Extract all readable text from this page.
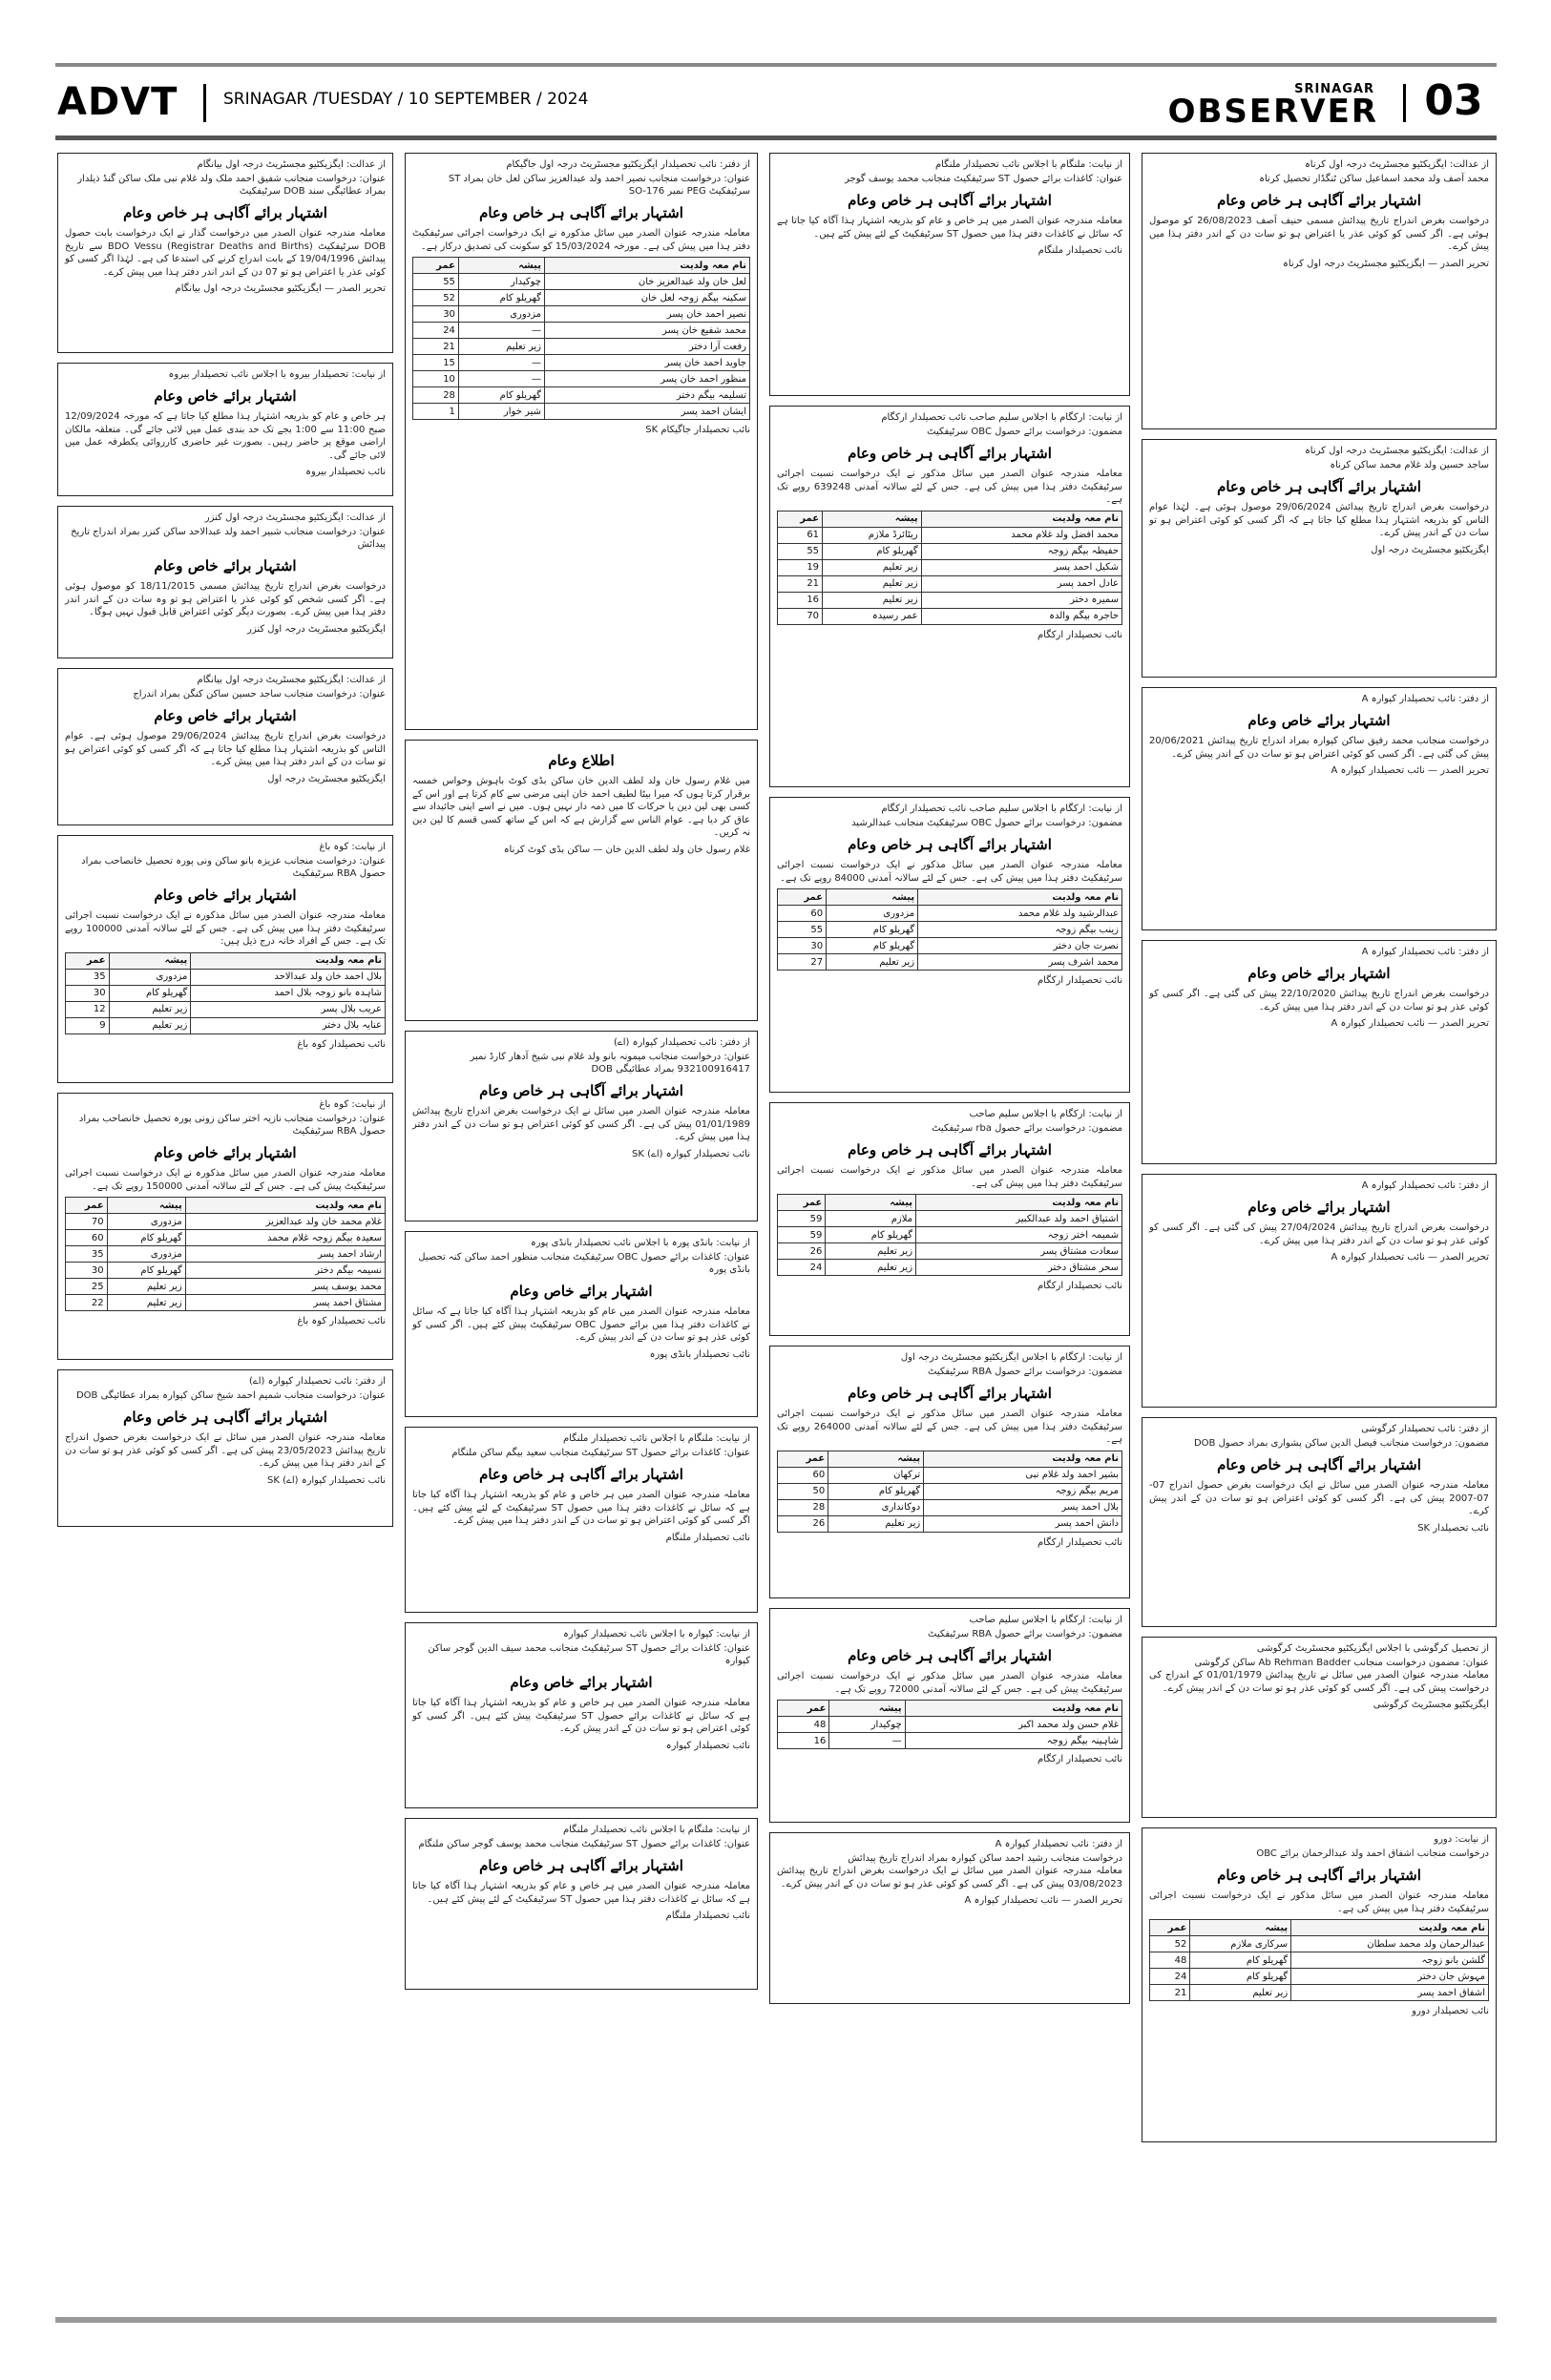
ADVT	SRINAGAR /TUESDAY / 10 SEPTEMBER / 2024
SRINAGAR
OBSERVER	03
از عدالت: ایگزیکٹیو مجسٹریٹ درجہ اول بیانگام
عنوان: درخواست منجانب شفیق احمد ملک ولد غلام نبی ملک ساکن گنڈ ذیلدار بمراد عطائیگی سند DOB سرٹیفکیٹ
اشتہار برائے آگاہی ہر خاص وعام
معاملہ مندرجہ عنوان الصدر میں درخواست گذار نے ایک درخواست بابت حصول DOB سرٹیفکیٹ (Registrar Deaths and Births) BDO Vessu سے تاریخ پیدائش 19/04/1996 کے بابت اندراج کرنے کی استدعا کی ہے۔ لہٰذا اگر کسی کو کوئی عذر یا اعتراض ہو تو 07 دن کے اندر اندر دفتر ہذا میں پیش کرے۔
تحریر الصدر — ایگزیکٹیو مجسٹریٹ درجہ اول بیانگام
از نیابت: تحصیلدار بیروہ با اجلاس نائب تحصیلدار بیروہ
اشتہار برائے خاص وعام
ہر خاص و عام کو بذریعہ اشتہار ہذا مطلع کیا جاتا ہے کہ مورخہ 12/09/2024 صبح 11:00 سے 1:00 بجے تک حد بندی عمل میں لائی جائے گی۔ متعلقہ مالکان اراضی موقع پر حاضر رہیں۔ بصورت غیر حاضری کارروائی یکطرفہ عمل میں لائی جائے گی۔
نائب تحصیلدار بیروہ
از عدالت: ایگزیکٹیو مجسٹریٹ درجہ اول کنزر
عنوان: درخواست منجانب شبیر احمد ولد عبدالاحد ساکن کنزر بمراد اندراج تاریخ پیدائش
اشتہار برائے خاص وعام
درخواست بغرض اندراج تاریخ پیدائش مسمی 18/11/2015 کو موصول ہوئی ہے۔ اگر کسی شخص کو کوئی عذر یا اعتراض ہو تو وہ سات دن کے اندر اندر دفتر ہذا میں پیش کرے۔ بصورت دیگر کوئی اعتراض قابل قبول نہیں ہوگا۔
ایگزیکٹیو مجسٹریٹ درجہ اول کنزر
از عدالت: ایگزیکٹیو مجسٹریٹ درجہ اول بیانگام
عنوان: درخواست منجانب ساجد حسین ساکن کنگن بمراد اندراج
اشتہار برائے خاص وعام
درخواست بغرض اندراج تاریخ پیدائش 29/06/2024 موصول ہوئی ہے۔ عوام الناس کو بذریعہ اشتہار ہذا مطلع کیا جاتا ہے کہ اگر کسی کو کوئی اعتراض ہو تو سات دن کے اندر دفتر ہذا میں پیش کرے۔
ایگزیکٹیو مجسٹریٹ درجہ اول
از نیابت: کوہ باغ
عنوان: درخواست منجانب عزیزہ بانو ساکن ونی پورہ تحصیل خانصاحب بمراد حصول RBA سرٹیفکیٹ
اشتہار برائے خاص وعام
معاملہ مندرجہ عنوان الصدر میں سائل مذکورہ نے ایک درخواست نسبت اجرائی سرٹیفکیٹ دفتر ہذا میں پیش کی ہے۔ جس کے لئے سالانہ آمدنی 100000 روپے تک ہے۔ جس کے افراد خانہ درج ذیل ہیں:
نام معہ ولدیت	پیشہ	عمر
بلال احمد خان ولد عبدالاحد	مزدوری	35
شاہدہ بانو زوجہ بلال احمد	گھریلو کام	30
عریب بلال پسر	زیر تعلیم	12
عنایہ بلال دختر	زیر تعلیم	9
نائب تحصیلدار کوہ باغ
از نیابت: کوہ باغ
عنوان: درخواست منجانب نازیہ اختر ساکن زونی پورہ تحصیل خانصاحب بمراد حصول RBA سرٹیفکیٹ
اشتہار برائے خاص وعام
معاملہ مندرجہ عنوان الصدر میں سائل مذکورہ نے ایک درخواست نسبت اجرائی سرٹیفکیٹ پیش کی ہے۔ جس کے لئے سالانہ آمدنی 150000 روپے تک ہے۔
نام معہ ولدیت	پیشہ	عمر
غلام محمد خان ولد عبدالعزیز	مزدوری	70
سعیدہ بیگم زوجہ غلام محمد	گھریلو کام	60
ارشاد احمد پسر	مزدوری	35
نسیمہ بیگم دختر	گھریلو کام	30
محمد یوسف پسر	زیر تعلیم	25
مشتاق احمد پسر	زیر تعلیم	22
نائب تحصیلدار کوہ باغ
از دفتر: نائب تحصیلدار کپوارہ (اے)
عنوان: درخواست منجانب شمیم احمد شیخ ساکن کپوارہ بمراد عطائیگی DOB
اشتہار برائے آگاہی ہر خاص وعام
معاملہ مندرجہ عنوان الصدر میں سائل نے ایک درخواست بغرض حصول اندراج تاریخ پیدائش 23/05/2023 پیش کی ہے۔ اگر کسی کو کوئی عذر ہو تو سات دن کے اندر دفتر ہذا میں پیش کرے۔
نائب تحصیلدار کپوارہ (اے) SK
از دفتر: نائب تحصیلدار ایگزیکٹیو مجسٹریٹ درجہ اول جاگیکام
عنوان: درخواست منجانب نصیر احمد ولد عبدالعزیز ساکن لعل خان بمراد ST سرٹیفکیٹ PEG نمبر SO-176
اشتہار برائے آگاہی ہر خاص وعام
معاملہ مندرجہ عنوان الصدر میں سائل مذکورہ نے ایک درخواست اجرائی سرٹیفکیٹ دفتر ہذا میں پیش کی ہے۔ مورخہ 15/03/2024 کو سکونت کی تصدیق درکار ہے۔
نام معہ ولدیت	پیشہ	عمر
لعل خان ولد عبدالعزیز خان	چوکیدار	55
سکینہ بیگم زوجہ لعل خان	گھریلو کام	52
نصیر احمد خان پسر	مزدوری	30
محمد شفیع خان پسر	—	24
رفعت آرا دختر	زیر تعلیم	21
جاوید احمد خان پسر	—	15
منظور احمد خان پسر	—	10
تسلیمہ بیگم دختر	گھریلو کام	28
ایشان احمد پسر	شیر خوار	1
نائب تحصیلدار جاگیکام SK
اطلاع وعام
میں غلام رسول خان ولد لطف الدین خان ساکن بڈی کوٹ باہوش وحواس خمسہ برقرار کرتا ہوں کہ میرا بیٹا لطیف احمد خان اپنی مرضی سے کام کرتا ہے اور اس کے کسی بھی لین دین یا حرکات کا میں ذمہ دار نہیں ہوں۔ میں نے اسے اپنی جائیداد سے عاق کر دیا ہے۔ عوام الناس سے گزارش ہے کہ اس کے ساتھ کسی قسم کا لین دین نہ کریں۔
غلام رسول خان ولد لطف الدین خان — ساکن بڈی کوٹ کرناہ
از دفتر: نائب تحصیلدار کپوارہ (اے)
عنوان: درخواست منجانب میمونہ بانو ولد غلام نبی شیخ آدھار کارڈ نمبر 932100916417 بمراد عطائیگی DOB
اشتہار برائے آگاہی ہر خاص وعام
معاملہ مندرجہ عنوان الصدر میں سائل نے ایک درخواست بغرض اندراج تاریخ پیدائش 01/01/1989 پیش کی ہے۔ اگر کسی کو کوئی اعتراض ہو تو سات دن کے اندر دفتر ہذا میں پیش کرے۔
نائب تحصیلدار کپوارہ (اے) SK
از نیابت: بانڈی پورہ با اجلاس نائب تحصیلدار بانڈی پورہ
عنوان: کاغذات برائے حصول OBC سرٹیفکیٹ منجانب منظور احمد ساکن کنہ تحصیل بانڈی پورہ
اشتہار برائے خاص وعام
معاملہ مندرجہ عنوان الصدر میں عام کو بذریعہ اشتہار ہذا آگاہ کیا جاتا ہے کہ سائل نے کاغذات دفتر ہذا میں برائے حصول OBC سرٹیفکیٹ پیش کئے ہیں۔ اگر کسی کو کوئی عذر ہو تو سات دن کے اندر پیش کرے۔
نائب تحصیلدار بانڈی پورہ
از نیابت: ملنگام با اجلاس نائب تحصیلدار ملنگام
عنوان: کاغذات برائے حصول ST سرٹیفکیٹ منجانب سعید بیگم ساکن ملنگام
اشتہار برائے آگاہی ہر خاص وعام
معاملہ مندرجہ عنوان الصدر میں ہر خاص و عام کو بذریعہ اشتہار ہذا آگاہ کیا جاتا ہے کہ سائل نے کاغذات دفتر ہذا میں حصول ST سرٹیفکیٹ کے لئے پیش کئے ہیں۔ اگر کسی کو کوئی اعتراض ہو تو سات دن کے اندر دفتر ہذا میں پیش کرے۔
نائب تحصیلدار ملنگام
از نیابت: کپوارہ با اجلاس نائب تحصیلدار کپوارہ
عنوان: کاغذات برائے حصول ST سرٹیفکیٹ منجانب محمد سیف الدین گوجر ساکن کپوارہ
اشتہار برائے خاص وعام
معاملہ مندرجہ عنوان الصدر میں ہر خاص و عام کو بذریعہ اشتہار ہذا آگاہ کیا جاتا ہے کہ سائل نے کاغذات برائے حصول ST سرٹیفکیٹ پیش کئے ہیں۔ اگر کسی کو کوئی اعتراض ہو تو سات دن کے اندر پیش کرے۔
نائب تحصیلدار کپوارہ
از نیابت: ملنگام با اجلاس نائب تحصیلدار ملنگام
عنوان: کاغذات برائے حصول ST سرٹیفکیٹ منجانب محمد یوسف گوجر ساکن ملنگام
اشتہار برائے آگاہی ہر خاص وعام
معاملہ مندرجہ عنوان الصدر میں ہر خاص و عام کو بذریعہ اشتہار ہذا آگاہ کیا جاتا ہے کہ سائل نے کاغذات دفتر ہذا میں حصول ST سرٹیفکیٹ کے لئے پیش کئے ہیں۔
نائب تحصیلدار ملنگام
از نیابت: ملنگام با اجلاس نائب تحصیلدار ملنگام
عنوان: کاغذات برائے حصول ST سرٹیفکیٹ منجانب محمد یوسف گوجر
اشتہار برائے آگاہی ہر خاص وعام
معاملہ مندرجہ عنوان الصدر میں ہر خاص و عام کو بذریعہ اشتہار ہذا آگاہ کیا جاتا ہے کہ سائل نے کاغذات دفتر ہذا میں حصول ST سرٹیفکیٹ کے لئے پیش کئے ہیں۔
نائب تحصیلدار ملنگام
از نیابت: ارکگام با اجلاس سلیم صاحب نائب تحصیلدار ارکگام
مضمون: درخواست برائے حصول OBC سرٹیفکیٹ
اشتہار برائے آگاہی ہر خاص وعام
معاملہ مندرجہ عنوان الصدر میں سائل مذکور نے ایک درخواست نسبت اجرائی سرٹیفکیٹ دفتر ہذا میں پیش کی ہے۔ جس کے لئے سالانہ آمدنی 639248 روپے تک ہے۔
نام معہ ولدیت	پیشہ	عمر
محمد افضل ولد غلام محمد	ریٹائرڈ ملازم	61
حفیظہ بیگم زوجہ	گھریلو کام	55
شکیل احمد پسر	زیر تعلیم	19
عادل احمد پسر	زیر تعلیم	21
سمیرہ دختر	زیر تعلیم	16
حاجرہ بیگم والدہ	عمر رسیدہ	70
نائب تحصیلدار ارکگام
از نیابت: ارکگام با اجلاس سلیم صاحب نائب تحصیلدار ارکگام
مضمون: درخواست برائے حصول OBC سرٹیفکیٹ منجانب عبدالرشید
اشتہار برائے آگاہی ہر خاص وعام
معاملہ مندرجہ عنوان الصدر میں سائل مذکور نے ایک درخواست نسبت اجرائی سرٹیفکیٹ دفتر ہذا میں پیش کی ہے۔ جس کے لئے سالانہ آمدنی 84000 روپے تک ہے۔
نام معہ ولدیت	پیشہ	عمر
عبدالرشید ولد غلام محمد	مزدوری	60
زینب بیگم زوجہ	گھریلو کام	55
نصرت جان دختر	گھریلو کام	30
محمد اشرف پسر	زیر تعلیم	27
نائب تحصیلدار ارکگام
از نیابت: ارکگام با اجلاس سلیم صاحب
مضمون: درخواست برائے حصول rba سرٹیفکیٹ
اشتہار برائے آگاہی ہر خاص وعام
معاملہ مندرجہ عنوان الصدر میں سائل مذکور نے ایک درخواست نسبت اجرائی سرٹیفکیٹ دفتر ہذا میں پیش کی ہے۔
نام معہ ولدیت	پیشہ	عمر
اشتیاق احمد ولد عبدالکبیر	ملازم	59
شمیمہ اختر زوجہ	گھریلو کام	59
سعادت مشتاق پسر	زیر تعلیم	26
سحر مشتاق دختر	زیر تعلیم	24
نائب تحصیلدار ارکگام
از نیابت: ارکگام با اجلاس ایگزیکٹیو مجسٹریٹ درجہ اول
مضمون: درخواست برائے حصول RBA سرٹیفکیٹ
اشتہار برائے آگاہی ہر خاص وعام
معاملہ مندرجہ عنوان الصدر میں سائل مذکور نے ایک درخواست نسبت اجرائی سرٹیفکیٹ دفتر ہذا میں پیش کی ہے۔ جس کے لئے سالانہ آمدنی 264000 روپے تک ہے۔
نام معہ ولدیت	پیشہ	عمر
بشیر احمد ولد غلام نبی	ترکھان	60
مریم بیگم زوجہ	گھریلو کام	50
بلال احمد پسر	دوکانداری	28
دانش احمد پسر	زیر تعلیم	26
نائب تحصیلدار ارکگام
از نیابت: ارکگام با اجلاس سلیم صاحب
مضمون: درخواست برائے حصول RBA سرٹیفکیٹ
اشتہار برائے آگاہی ہر خاص وعام
معاملہ مندرجہ عنوان الصدر میں سائل مذکور نے ایک درخواست نسبت اجرائی سرٹیفکیٹ پیش کی ہے۔ جس کے لئے سالانہ آمدنی 72000 روپے تک ہے۔
نام معہ ولدیت	پیشہ	عمر
غلام حسن ولد محمد اکبر	چوکیدار	48
شاہینہ بیگم زوجہ	—	16
نائب تحصیلدار ارکگام
از دفتر: نائب تحصیلدار کپوارہ A
درخواست منجانب رشید احمد ساکن کپوارہ بمراد اندراج تاریخ پیدائش
معاملہ مندرجہ عنوان الصدر میں سائل نے ایک درخواست بغرض اندراج تاریخ پیدائش 03/08/2023 پیش کی ہے۔ اگر کسی کو کوئی عذر ہو تو سات دن کے اندر پیش کرے۔
تحریر الصدر — نائب تحصیلدار کپوارہ A
از عدالت: ایگزیکٹیو مجسٹریٹ درجہ اول کرناہ
محمد آصف ولد محمد اسماعیل ساکن ٹنگڈار تحصیل کرناہ
اشتہار برائے آگاہی ہر خاص وعام
درخواست بغرض اندراج تاریخ پیدائش مسمی حنیف آصف 26/08/2023 کو موصول ہوئی ہے۔ اگر کسی کو کوئی عذر یا اعتراض ہو تو سات دن کے اندر دفتر ہذا میں پیش کرے۔
تحریر الصدر — ایگزیکٹیو مجسٹریٹ درجہ اول کرناہ
از عدالت: ایگزیکٹیو مجسٹریٹ درجہ اول کرناہ
ساجد حسین ولد غلام محمد ساکن کرناہ
اشتہار برائے آگاہی ہر خاص وعام
درخواست بغرض اندراج تاریخ پیدائش 29/06/2024 موصول ہوئی ہے۔ لہٰذا عوام الناس کو بذریعہ اشتہار ہذا مطلع کیا جاتا ہے کہ اگر کسی کو کوئی اعتراض ہو تو سات دن کے اندر پیش کرے۔
ایگزیکٹیو مجسٹریٹ درجہ اول
از دفتر: نائب تحصیلدار کپوارہ A
اشتہار برائے خاص وعام
درخواست منجانب محمد رفیق ساکن کپوارہ بمراد اندراج تاریخ پیدائش 20/06/2021 پیش کی گئی ہے۔ اگر کسی کو کوئی اعتراض ہو تو سات دن کے اندر پیش کرے۔
تحریر الصدر — نائب تحصیلدار کپوارہ A
از دفتر: نائب تحصیلدار کپوارہ A
اشتہار برائے خاص وعام
درخواست بغرض اندراج تاریخ پیدائش 22/10/2020 پیش کی گئی ہے۔ اگر کسی کو کوئی عذر ہو تو سات دن کے اندر دفتر ہذا میں پیش کرے۔
تحریر الصدر — نائب تحصیلدار کپوارہ A
از دفتر: نائب تحصیلدار کپوارہ A
اشتہار برائے خاص وعام
درخواست بغرض اندراج تاریخ پیدائش 27/04/2024 پیش کی گئی ہے۔ اگر کسی کو کوئی عذر ہو تو سات دن کے اندر دفتر ہذا میں پیش کرے۔
تحریر الصدر — نائب تحصیلدار کپوارہ A
از دفتر: نائب تحصیلدار کرگوشی
مضمون: درخواست منجانب فیصل الدین ساکن پشواری بمراد حصول DOB
اشتہار برائے آگاہی ہر خاص وعام
معاملہ مندرجہ عنوان الصدر میں سائل نے ایک درخواست بغرض حصول اندراج 07-07-2007 پیش کی ہے۔ اگر کسی کو کوئی اعتراض ہو تو سات دن کے اندر پیش کرے۔
نائب تحصیلدار SK
از تحصیل کرگوشی با اجلاس ایگزیکٹیو مجسٹریٹ کرگوشی
عنوان: مضمون درخواست منجانب Ab Rehman Badder ساکن کرگوشی
معاملہ مندرجہ عنوان الصدر میں سائل نے تاریخ پیدائش 01/01/1979 کے اندراج کی درخواست پیش کی ہے۔ اگر کسی کو کوئی عذر ہو تو سات دن کے اندر پیش کرے۔
ایگزیکٹیو مجسٹریٹ کرگوشی
از نیابت: دورو
درخواست منجانب اشفاق احمد ولد عبدالرحمان برائے OBC
اشتہار برائے آگاہی ہر خاص وعام
معاملہ مندرجہ عنوان الصدر میں سائل مذکور نے ایک درخواست نسبت اجرائی سرٹیفکیٹ دفتر ہذا میں پیش کی ہے۔
نام معہ ولدیت	پیشہ	عمر
عبدالرحمان ولد محمد سلطان	سرکاری ملازم	52
گلشن بانو زوجہ	گھریلو کام	48
مہوش جان دختر	گھریلو کام	24
اشفاق احمد پسر	زیر تعلیم	21
نائب تحصیلدار دورو
